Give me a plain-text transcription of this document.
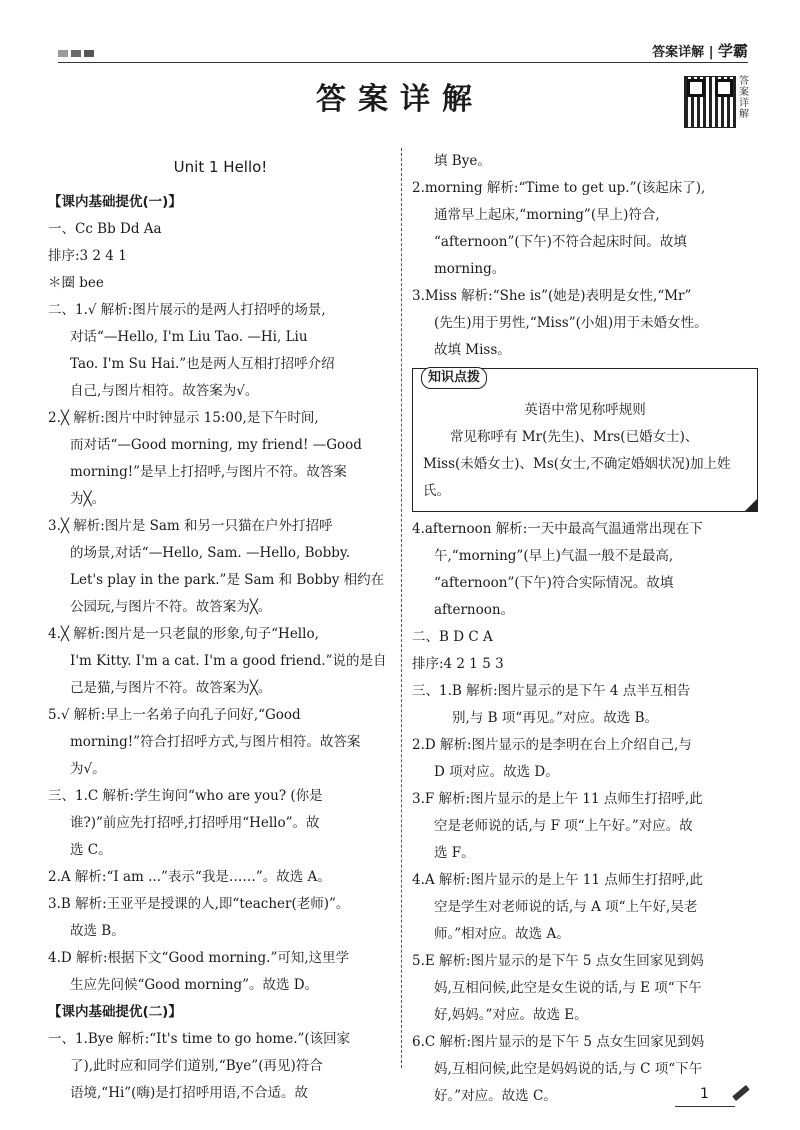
答案详解 | 学霸
答案详解
答案详解

Unit 1 Hello!

【课内基础提优(一)】

一、Cc Bb Dd Aa

排序:3 2 4 1

＊圈 bee

二、1.√ 解析:图片展示的是两人打招呼的场景,

对话“—Hello, I'm Liu Tao. —Hi, Liu

Tao. I'm Su Hai.”也是两人互相打招呼介绍

自己,与图片相符。故答案为√。

2.╳ 解析:图片中时钟显示 15:00,是下午时间,

而对话“—Good morning, my friend! —Good

morning!”是早上打招呼,与图片不符。故答案

为╳。

3.╳ 解析:图片是 Sam 和另一只猫在户外打招呼

的场景,对话“—Hello, Sam. —Hello, Bobby.

Let's play in the park.”是 Sam 和 Bobby 相约在

公园玩,与图片不符。故答案为╳。

4.╳ 解析:图片是一只老鼠的形象,句子“Hello,

I'm Kitty. I'm a cat. I'm a good friend.”说的是自

己是猫,与图片不符。故答案为╳。

5.√ 解析:早上一名弟子向孔子问好,“Good

morning!”符合打招呼方式,与图片相符。故答案

为√。

三、1.C 解析:学生询问“who are you? (你是

谁?)”前应先打招呼,打招呼用“Hello”。故

选 C。

2.A 解析:“I am ...”表示“我是……”。故选 A。

3.B 解析:王亚平是授课的人,即“teacher(老师)”。

故选 B。

4.D 解析:根据下文“Good morning.”可知,这里学

生应先问候“Good morning”。故选 D。

【课内基础提优(二)】

一、1.Bye 解析:“It's time to go home.”(该回家

了),此时应和同学们道别,“Bye”(再见)符合

语境,“Hi”(嗨)是打招呼用语,不合适。故

填 Bye。

2.morning 解析:“Time to get up.”(该起床了),

通常早上起床,“morning”(早上)符合,

“afternoon”(下午)不符合起床时间。故填

morning。

3.Miss 解析:“She is”(她是)表明是女性,“Mr”

(先生)用于男性,“Miss”(小姐)用于未婚女性。

故填 Miss。

知识点拨

英语中常见称呼规则

常见称呼有 Mr(先生)、Mrs(已婚女士)、Miss(未婚女士)、Ms(女士,不确定婚姻状况)加上姓氏。

4.afternoon 解析:一天中最高气温通常出现在下

午,“morning”(早上)气温一般不是最高,

“afternoon”(下午)符合实际情况。故填

afternoon。

二、B D C A

排序:4 2 1 5 3

三、1.B 解析:图片显示的是下午 4 点半互相告

别,与 B 项“再见。”对应。故选 B。

2.D 解析:图片显示的是李明在台上介绍自己,与

D 项对应。故选 D。

3.F 解析:图片显示的是上午 11 点师生打招呼,此

空是老师说的话,与 F 项“上午好。”对应。故

选 F。

4.A 解析:图片显示的是上午 11 点师生打招呼,此

空是学生对老师说的话,与 A 项“上午好,吴老

师。”相对应。故选 A。

5.E 解析:图片显示的是下午 5 点女生回家见到妈

妈,互相问候,此空是女生说的话,与 E 项“下午

好,妈妈。”对应。故选 E。

6.C 解析:图片显示的是下午 5 点女生回家见到妈

妈,互相问候,此空是妈妈说的话,与 C 项“下午

好。”对应。故选 C。	1
